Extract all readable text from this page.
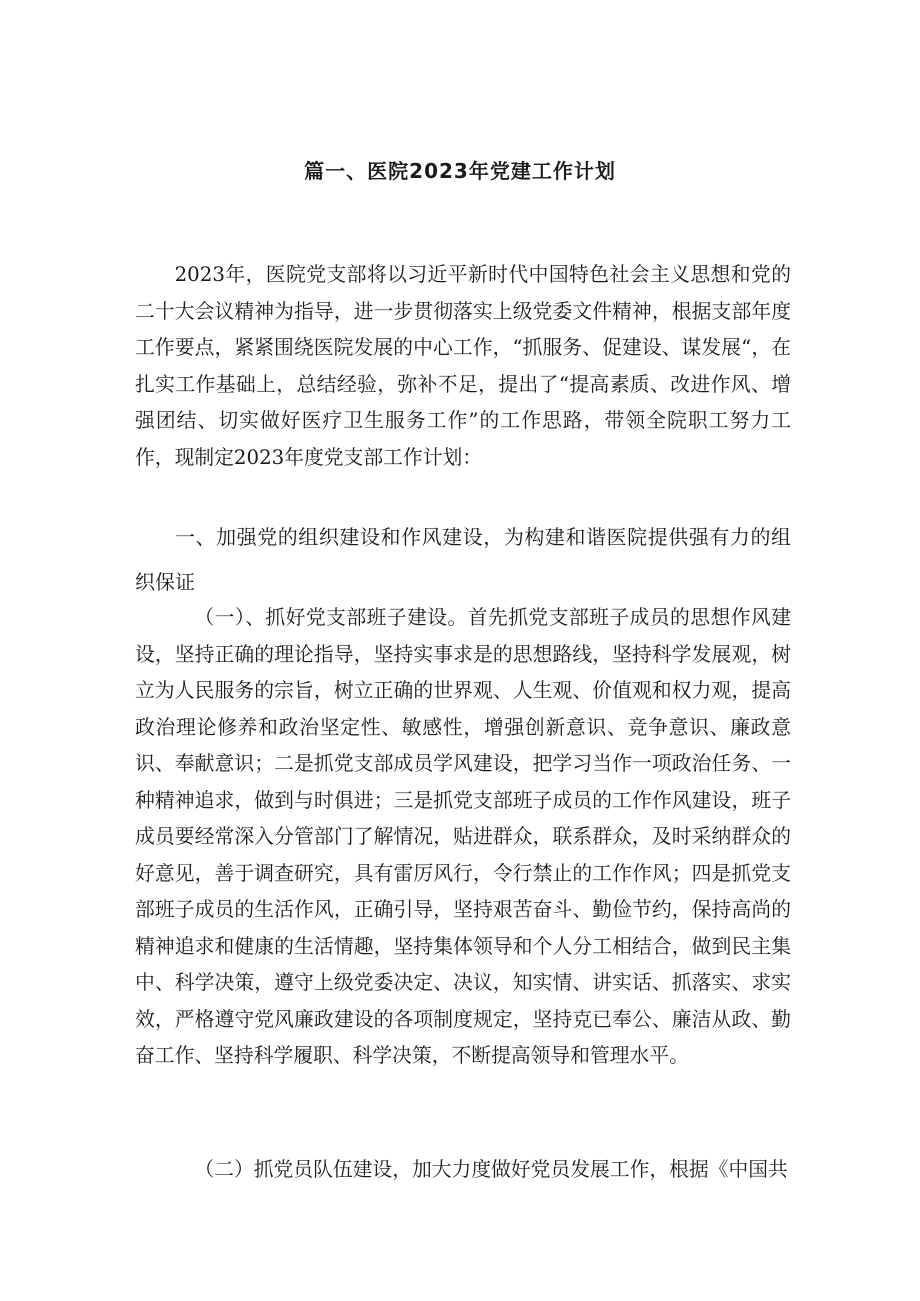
篇一、医院2023年党建工作计划

2023年，医院党支部将以习近平新时代中国特色社会主义思想和党的二十大会议精神为指导，进一步贯彻落实上级党委文件精神，根据支部年度工作要点，紧紧围绕医院发展的中心工作，“抓服务、促建设、谋发展“，在扎实工作基础上，总结经验，弥补不足，提出了“提高素质、改进作风、增强团结、切实做好医疗卫生服务工作”的工作思路，带领全院职工努力工作，现制定2023年度党支部工作计划：

一、加强党的组织建设和作风建设，为构建和谐医院提供强有力的组织保证

（一）、抓好党支部班子建设。首先抓党支部班子成员的思想作风建设，坚持正确的理论指导，坚持实事求是的思想路线，坚持科学发展观，树立为人民服务的宗旨，树立正确的世界观、人生观、价值观和权力观，提高政治理论修养和政治坚定性、敏感性，增强创新意识、竞争意识、廉政意识、奉献意识；二是抓党支部成员学风建设，把学习当作一项政治任务、一种精神追求，做到与时俱进；三是抓党支部班子成员的工作作风建设，班子成员要经常深入分管部门了解情况，贴进群众，联系群众，及时采纳群众的好意见，善于调查研究，具有雷厉风行，令行禁止的工作作风；四是抓党支部班子成员的生活作风，正确引导，坚持艰苦奋斗、勤俭节约，保持高尚的精神追求和健康的生活情趣，坚持集体领导和个人分工相结合，做到民主集中、科学决策，遵守上级党委决定、决议，知实情、讲实话、抓落实、求实效，严格遵守党风廉政建设的各项制度规定，坚持克已奉公、廉洁从政、勤奋工作、坚持科学履职、科学决策，不断提高领导和管理水平。

（二）抓党员队伍建设，加大力度做好党员发展工作，根据《中国共
